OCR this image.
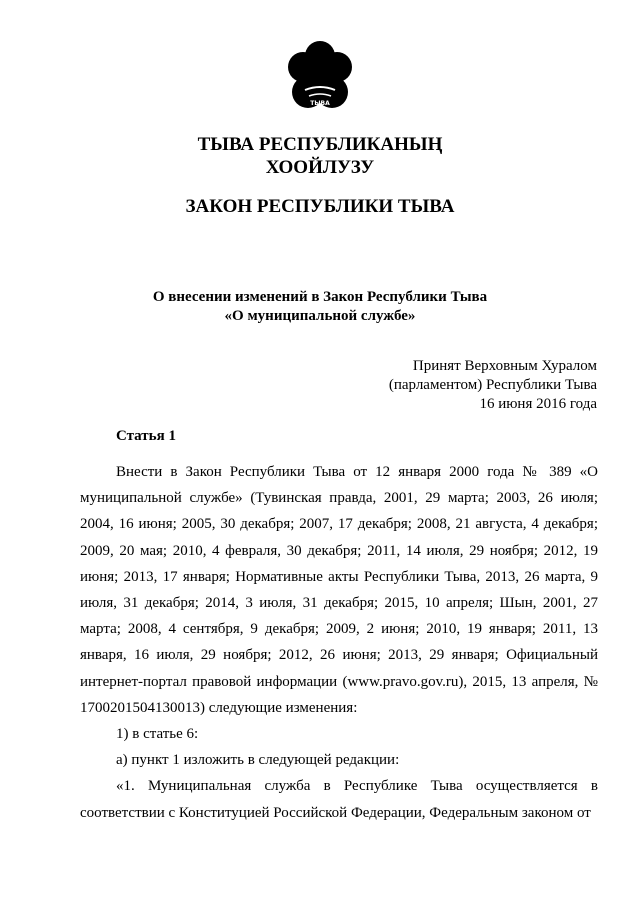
ТЫВА
ТЫВА РЕСПУБЛИКАНЫҢ
ХООЙЛУЗУ
ЗАКОН РЕСПУБЛИКИ ТЫВА
О внесении изменений в Закон Республики Тыва
«О муниципальной службе»
Принят Верховным Хуралом
(парламентом) Республики Тыва
16 июня 2016 года
Статья 1

Внести в Закон Республики Тыва от 12 января 2000 года № 389 «О муниципальной службе» (Тувинская правда, 2001, 29 марта; 2003, 26 июля; 2004, 16 июня; 2005, 30 декабря; 2007, 17 декабря; 2008, 21 августа, 4 декабря; 2009, 20 мая; 2010, 4 февраля, 30 декабря; 2011, 14 июля, 29 ноября; 2012, 19 июня; 2013, 17 января; Нормативные акты Республики Тыва, 2013, 26 марта, 9 июля, 31 декабря; 2014, 3 июля, 31 декабря; 2015, 10 апреля; Шын, 2001, 27 марта; 2008, 4 сентября, 9 декабря; 2009, 2 июня; 2010, 19 января; 2011, 13 января, 16 июля, 29 ноября; 2012, 26 июня; 2013, 29 января; Официальный интернет-портал правовой информации (www.pravo.gov.ru), 2015, 13 апреля, № 1700201504130013) следующие изменения:

1) в статье 6:

а) пункт 1 изложить в следующей редакции:

«1. Муниципальная служба в Республике Тыва осуществляется в соответствии с Конституцией Российской Федерации, Федеральным законом от
